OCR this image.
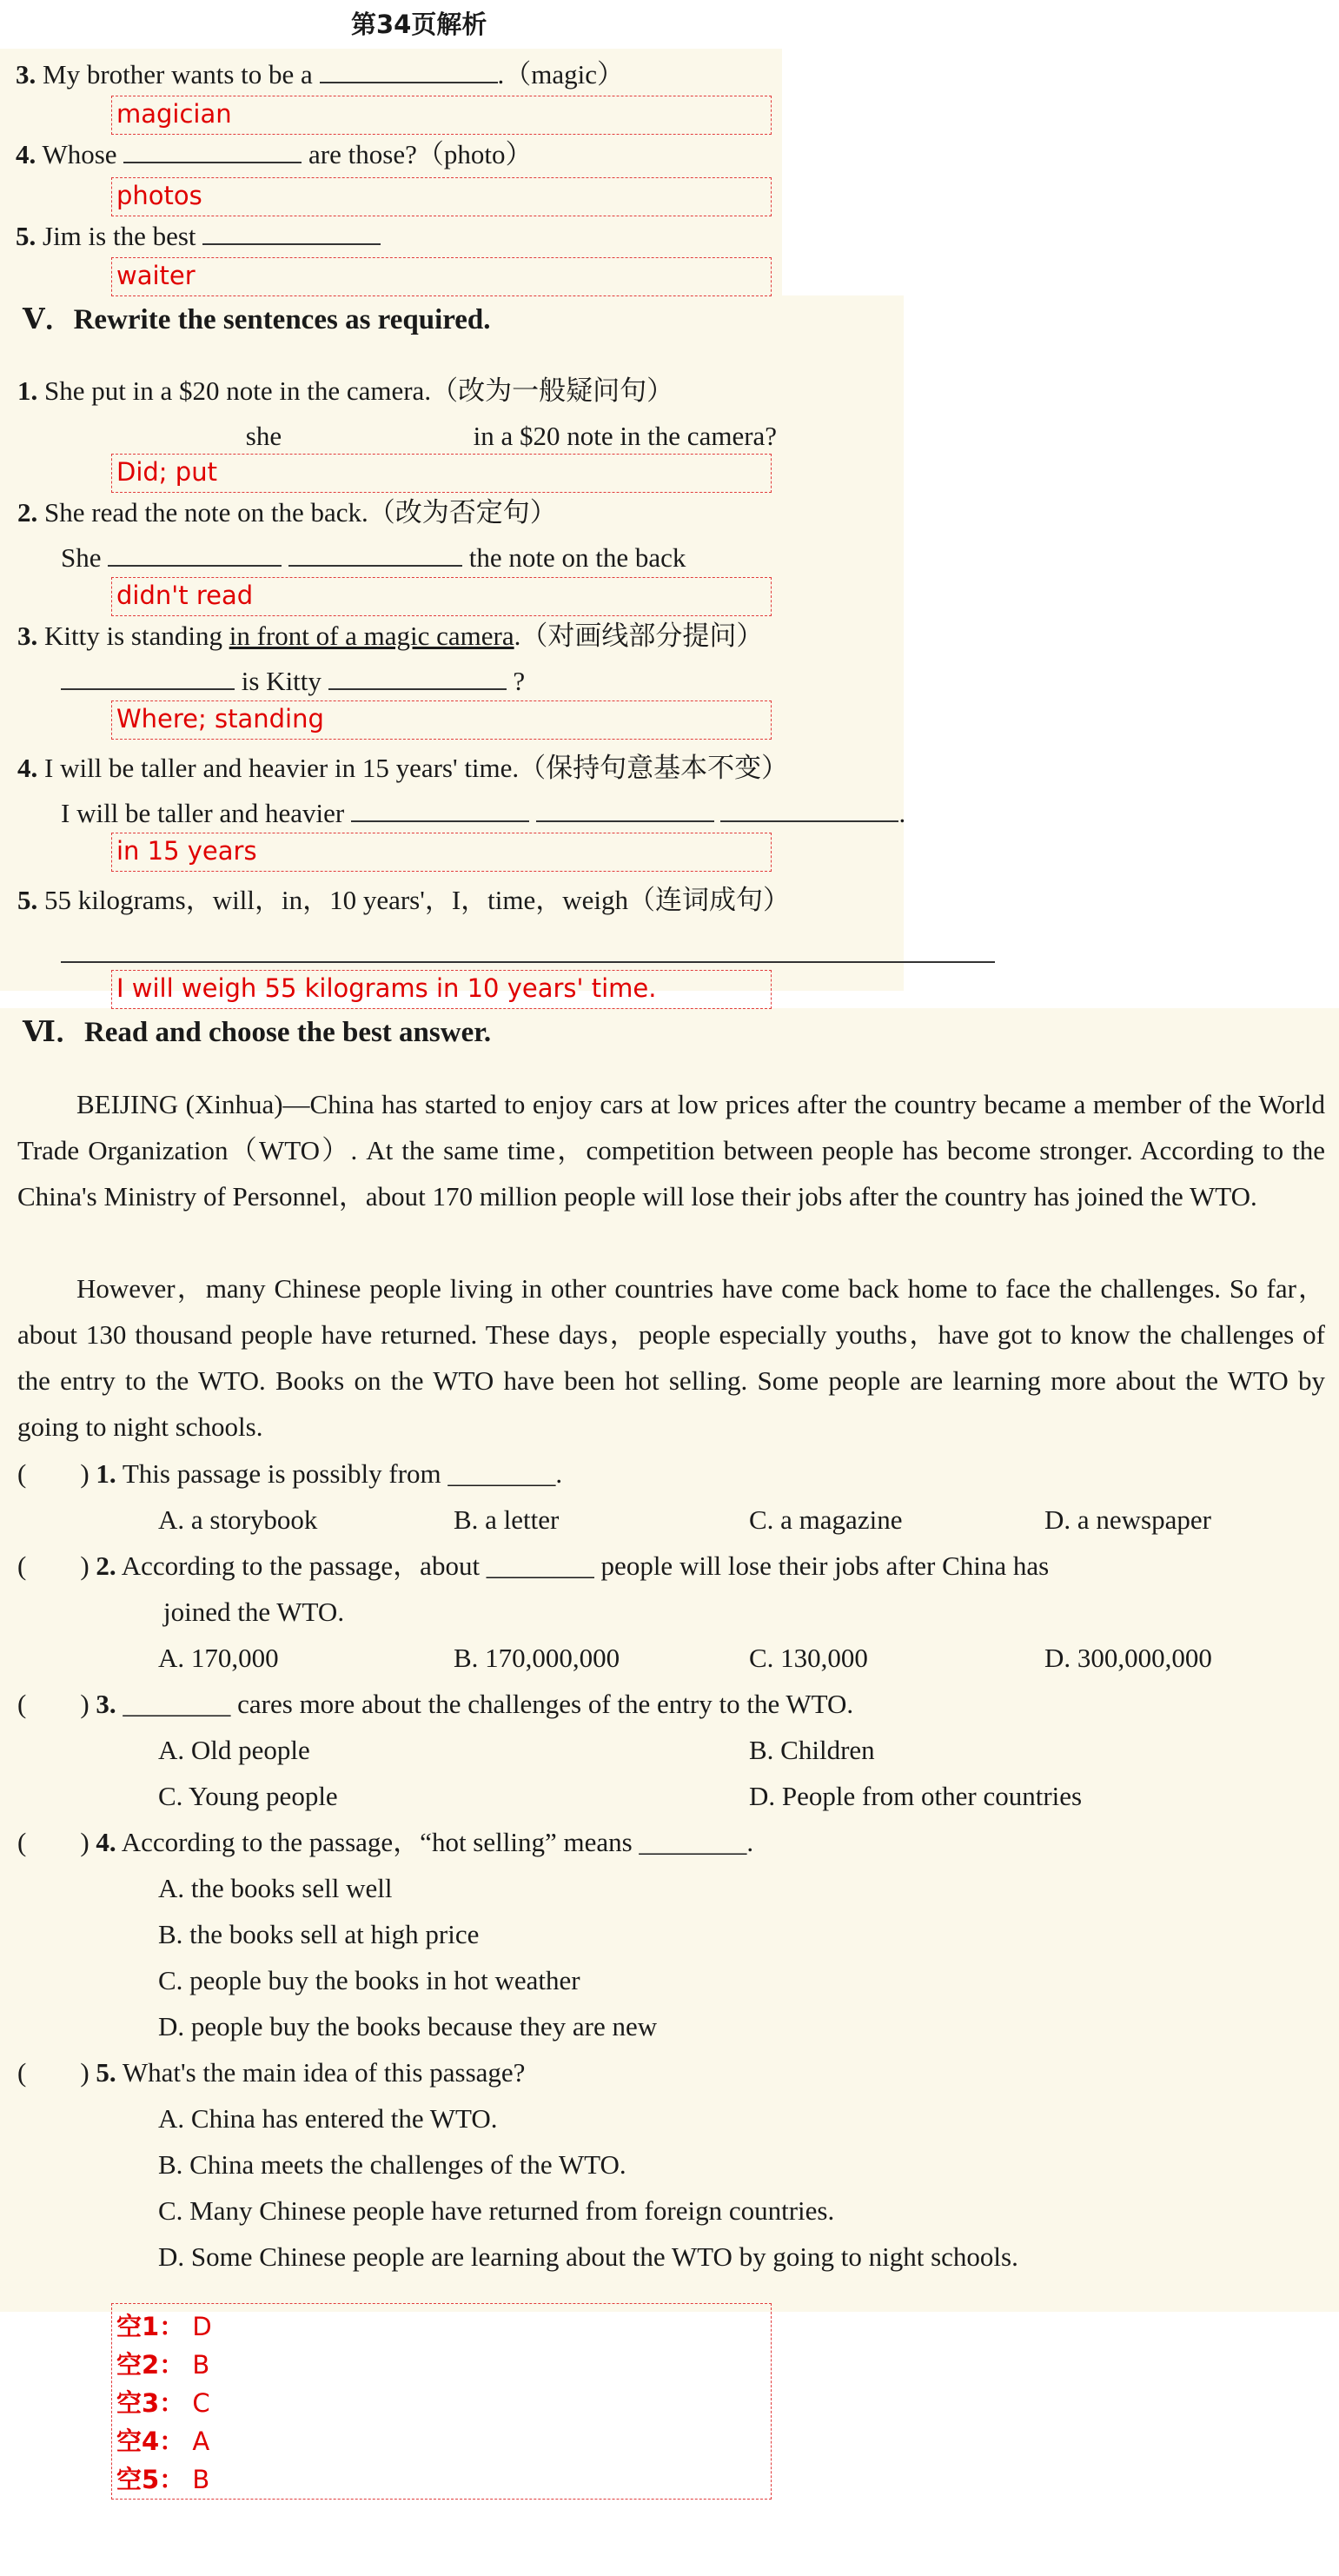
第34页解析
3. My brother wants to be a	.（magic）
magician
4. Whose	are those?（photo）
photos
5. Jim is the best
waiter
Ⅴ．Rewrite the sentences as required.
1. She put in a $20 note in the camera.（改为一般疑问句）
she	in a $20 note in the camera?
Did; put
2. She read the note on the back.（改为否定句）
She	the note on the back
didn't read
3. Kitty is standing in front of a magic camera.（对画线部分提问）
is Kitty	?
Where; standing
4. I will be taller and heavier in 15 years' time.（保持句意基本不变）
I will be taller and heavier	.
in 15 years
5. 55 kilograms，will，in，10 years'，I，time，weigh（连词成句）
I will weigh 55 kilograms in 10 years' time.
Ⅵ．Read and choose the best answer.
BEIJING (Xinhua)—China has started to enjoy cars at low prices after the country became a member of the World Trade Organization（WTO）. At the same time，competition between people has become stronger. According to the China's Ministry of Personnel，about 170 million people will lose their jobs after the country has joined the WTO.
However，many Chinese people living in other countries have come back home to face the challenges. So far，about 130 thousand people have returned. These days，people especially youths，have got to know the challenges of the entry to the WTO. Books on the WTO have been hot selling. Some people are learning more about the WTO by going to night schools.
(　　) 1. This passage is possibly from ________.
A. a storybook	B. a letter	C. a magazine	D. a newspaper
(　　) 2. According to the passage，about ________ people will lose their jobs after China has
joined the WTO.
A. 170,000	B. 170,000,000	C. 130,000	D. 300,000,000
(　　) 3. ________ cares more about the challenges of the entry to the WTO.
A. Old people	B. Children
C. Young people	D. People from other countries
(　　) 4. According to the passage，“hot selling” means ________.
A. the books sell well
B. the books sell at high price
C. people buy the books in hot weather
D. people buy the books because they are new
(　　) 5. What's the main idea of this passage?
A. China has entered the WTO.
B. China meets the challenges of the WTO.
C. Many Chinese people have returned from foreign countries.
D. Some Chinese people are learning about the WTO by going to night schools.
空1： D
空2： B
空3： C
空4： A
空5： B
